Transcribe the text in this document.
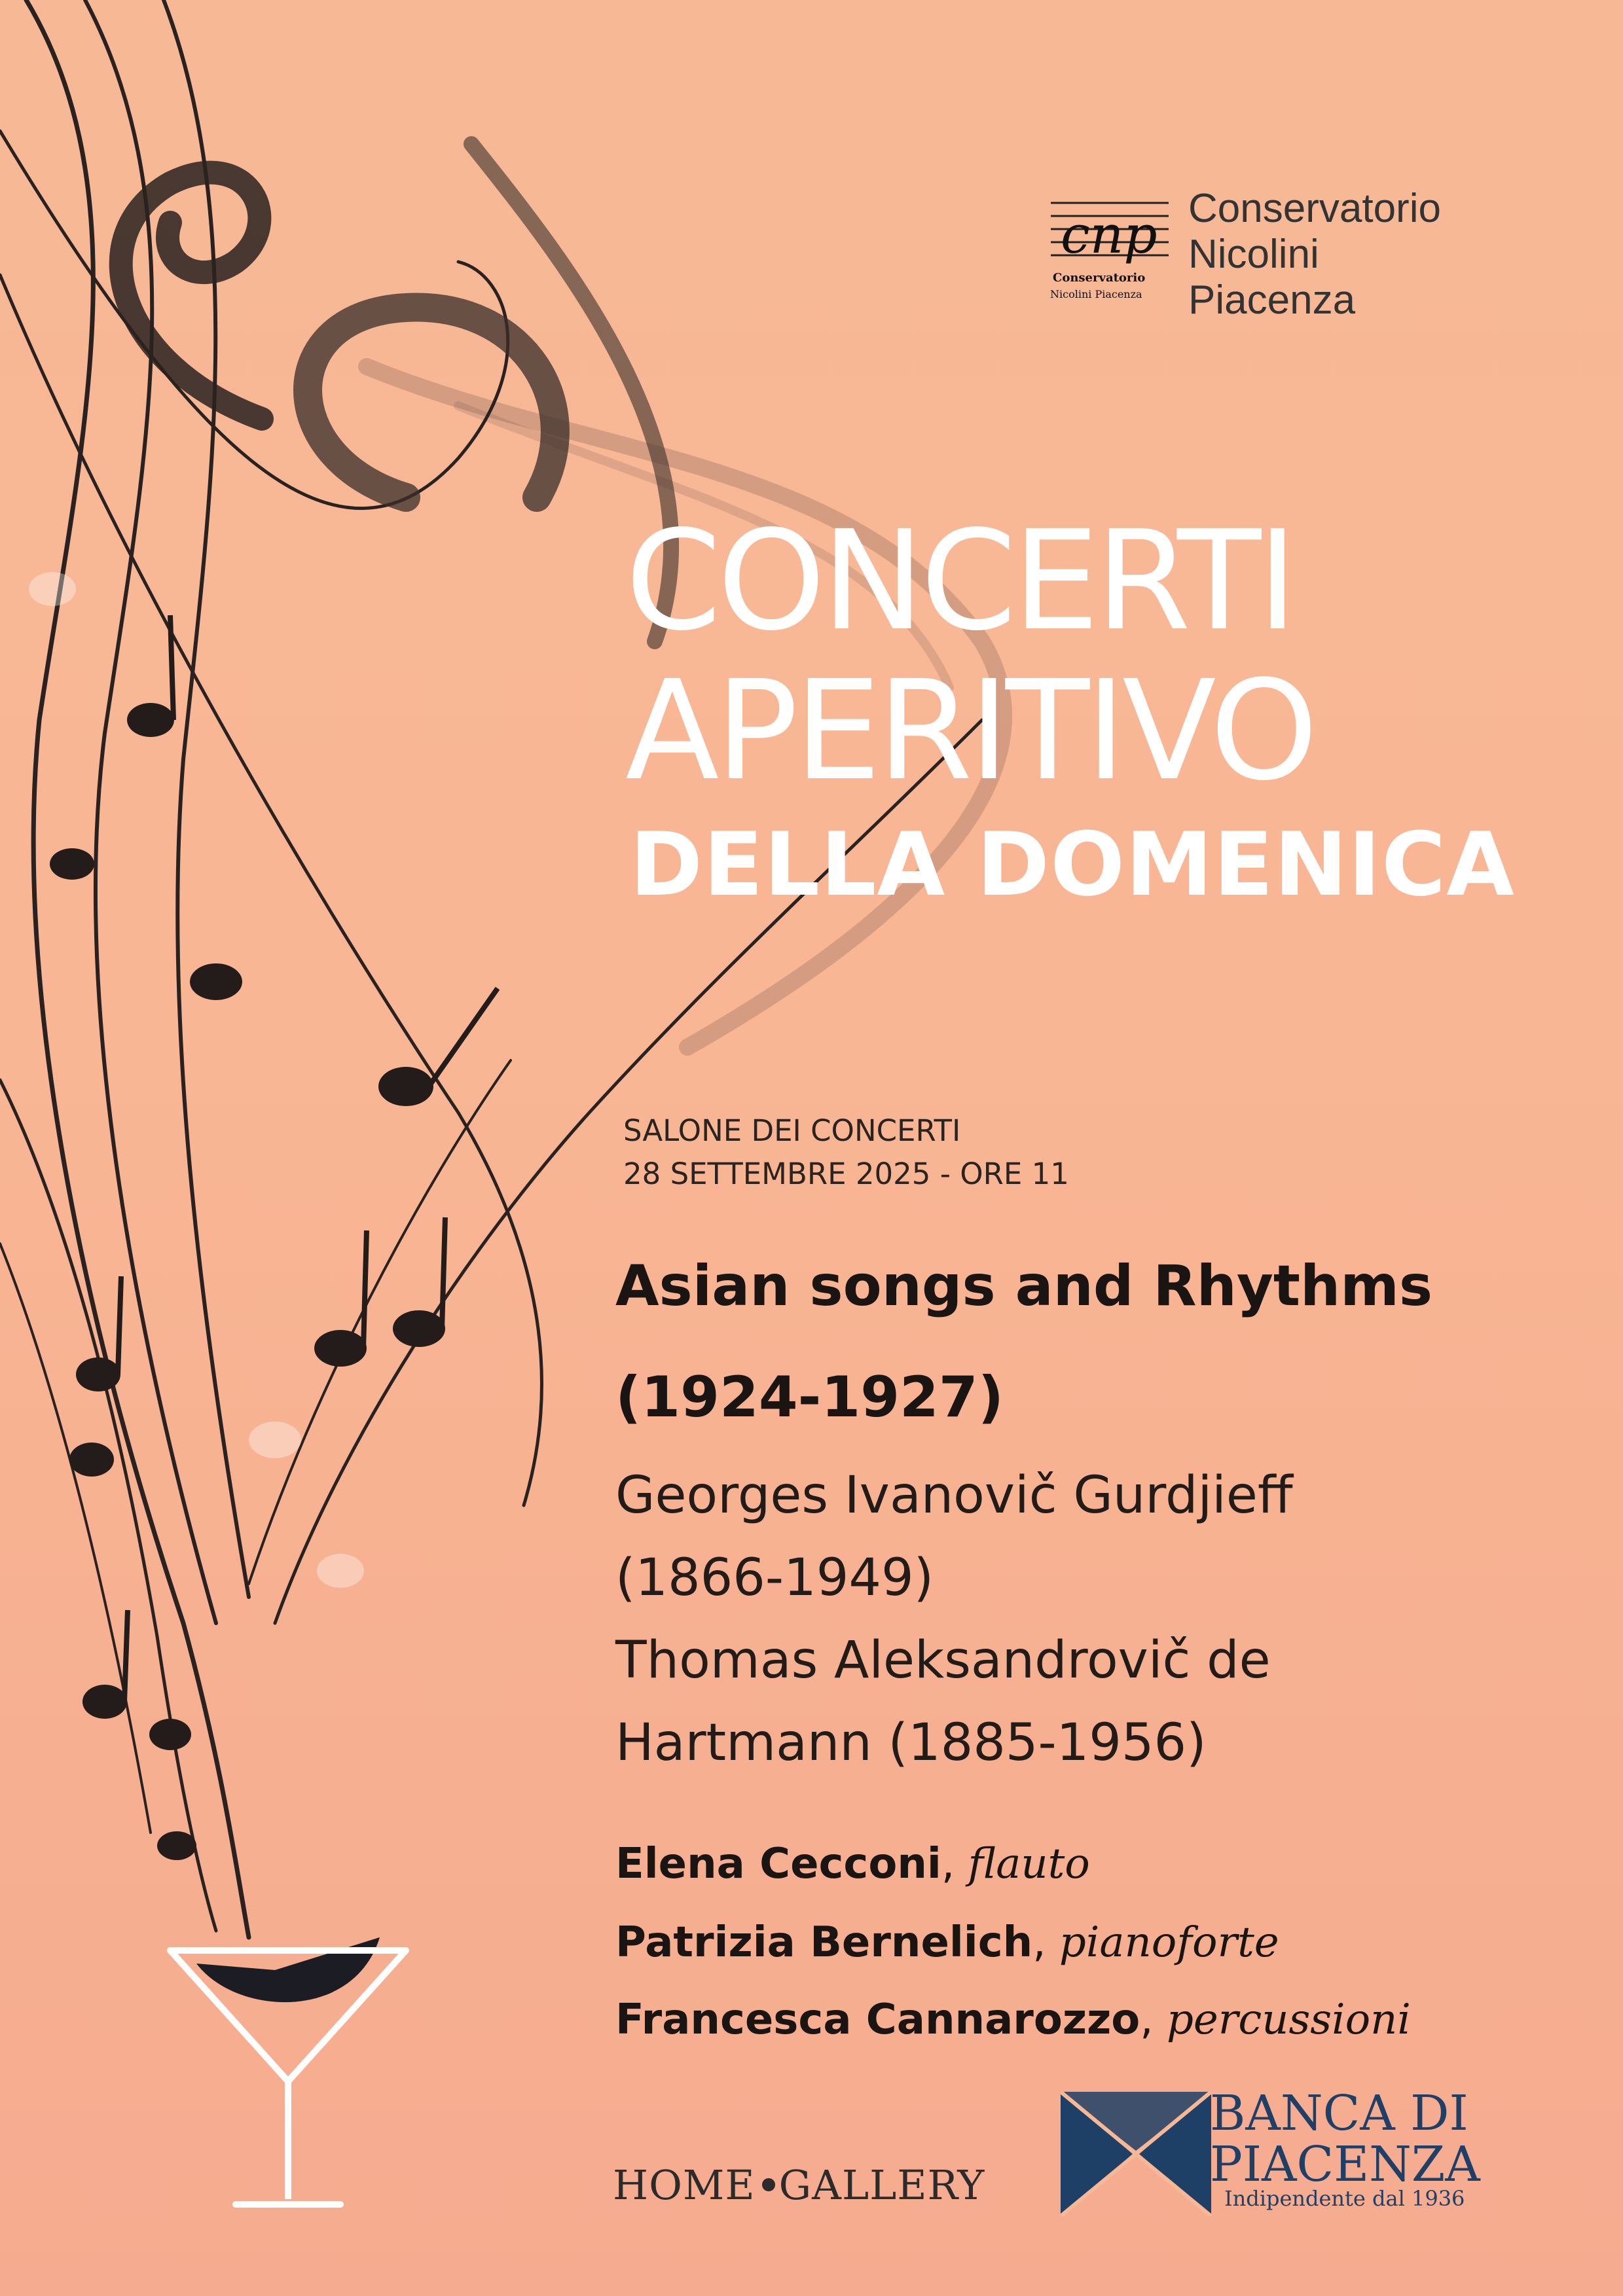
cnp
Conservatorio
Nicolini Piacenza
Conservatorio
Nicolini
Piacenza
CONCERTI
APERITIVO
DELLA DOMENICA
SALONE DEI CONCERTI
28 SETTEMBRE 2025 - ORE 11
Asian songs and Rhythms (1924-1927)
Georges Ivanovič Gurdjieff
(1866-1949)
Thomas Aleksandrovič de
Hartmann (1885-1956)
Elena Cecconi, flauto
Patrizia Bernelich, pianoforte
Francesca Cannarozzo, percussioni
HOME GALLERY
BANCA DI
PIACENZA
Indipendente dal 1936
